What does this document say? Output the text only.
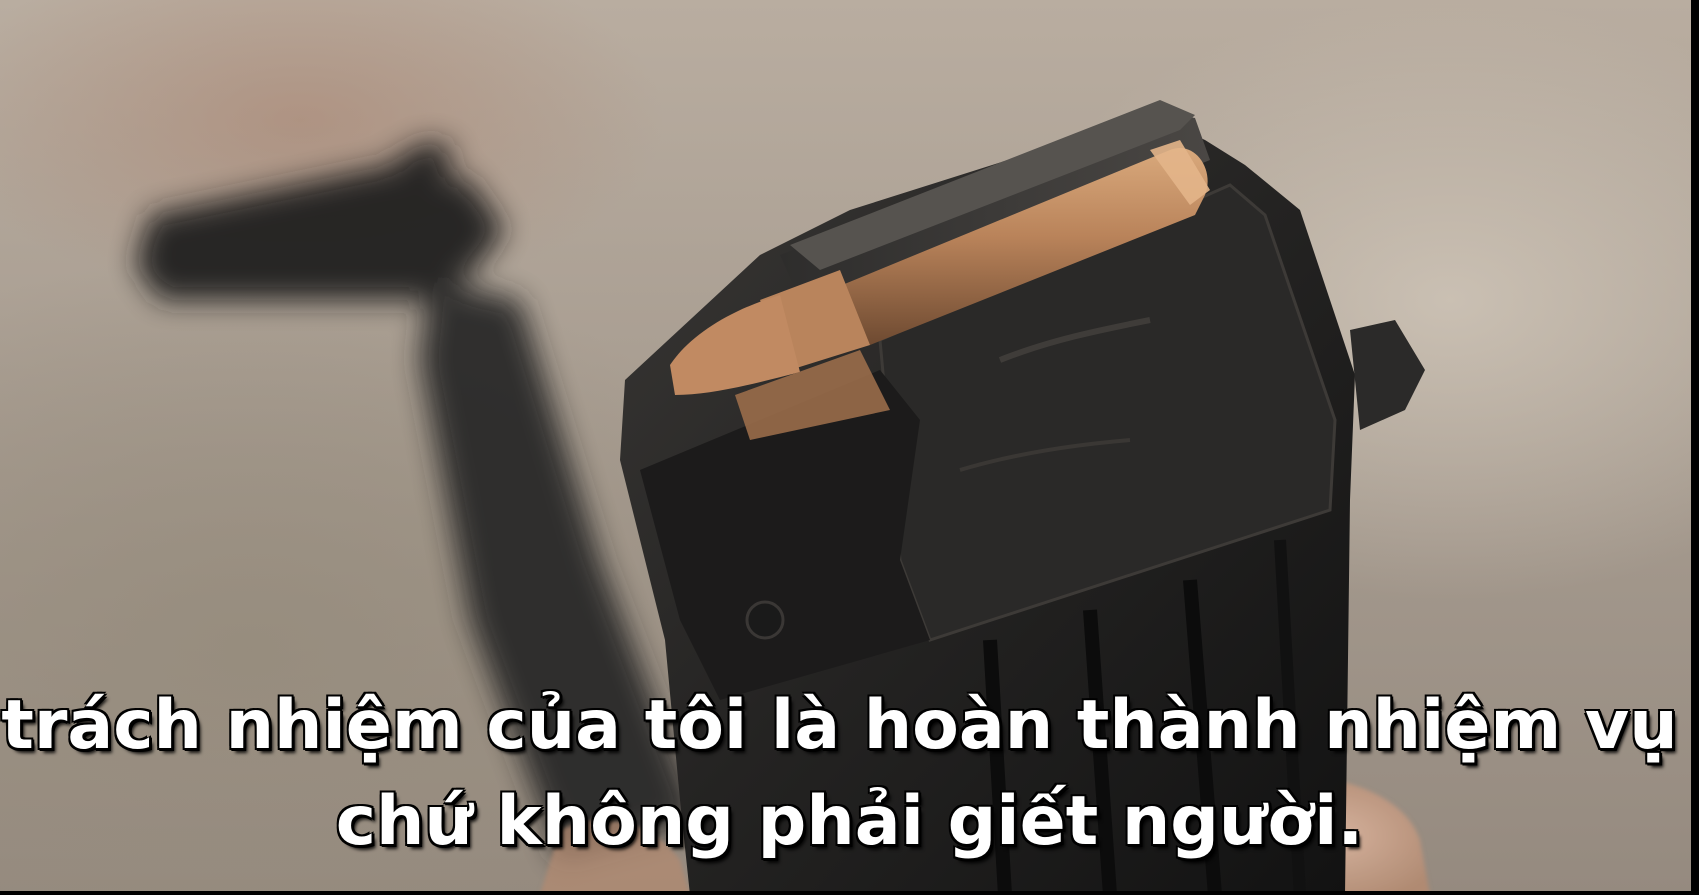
trách nhiệm của tôi là hoàn thành nhiệm vụ
chứ không phải giết người.
